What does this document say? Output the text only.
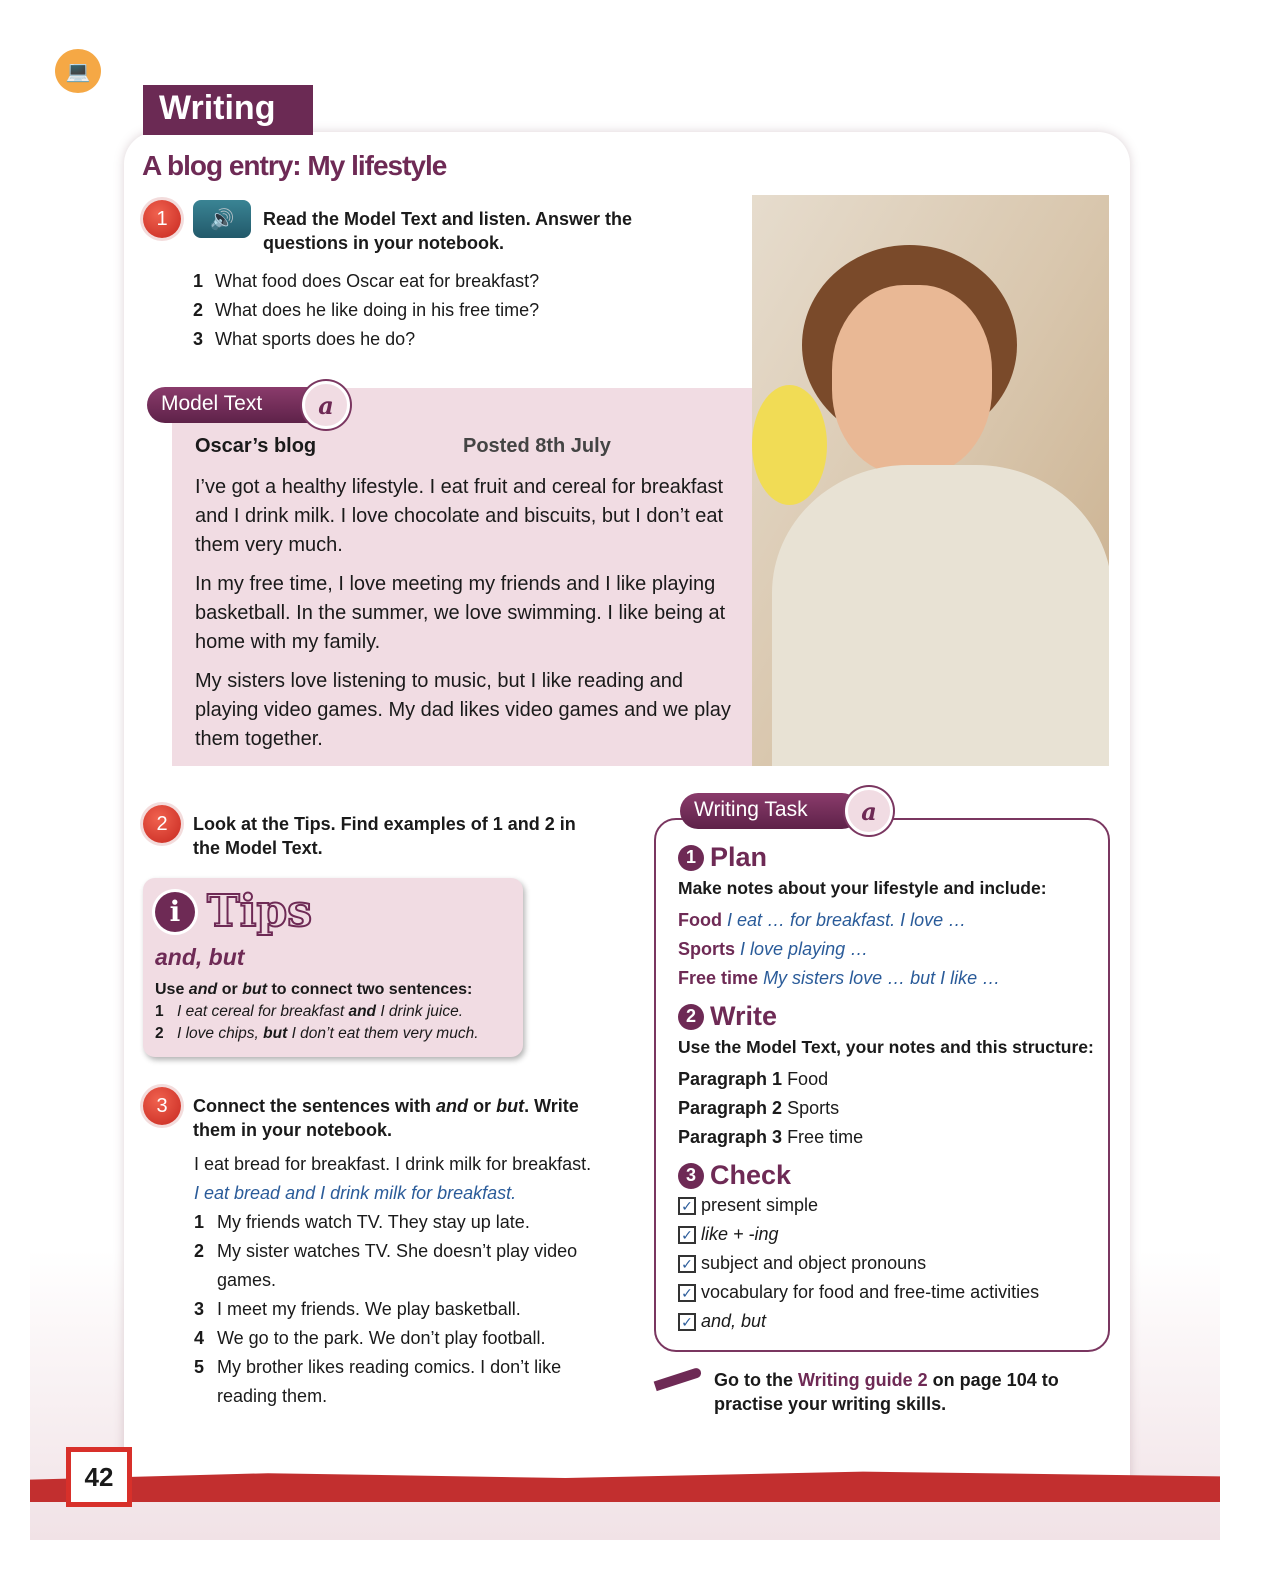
42
💻
Writing
A blog entry: My lifestyle
1	🔊	Read the Model Text and listen. Answer the questions in your notebook.
1 What food does Oscar eat for breakfast?
2 What does he like doing in his free time?
3 What sports does he do?
Model Text	a
Oscar’s blog	Posted 8th July

I’ve got a healthy lifestyle. I eat fruit and cereal for breakfast and I drink milk. I love chocolate and biscuits, but I don’t eat them very much.

In my free time, I love meeting my friends and I like playing basketball. In the summer, we love swimming. I like being at home with my family.

My sisters love listening to music, but I like reading and playing video games. My dad likes video games and we play them together.

2	Look at the Tips. Find examples of 1 and 2 in the Model Text.
i Tips
and, but
Use and or but to connect two sentences:
1 I eat cereal for breakfast and I drink juice.
2 I love chips, but I don’t eat them very much.
3	Connect the sentences with and or but. Write them in your notebook.
I eat bread for breakfast. I drink milk for breakfast.
I eat bread and I drink milk for breakfast.
1 My friends watch TV. They stay up late.
2 My sister watches TV. She doesn’t play video games.
3 I meet my friends. We play basketball.
4 We go to the park. We don’t play football.
5 My brother likes reading comics. I don’t like reading them.
Writing Task	a
1 Plan
Make notes about your lifestyle and include:
Food I eat … for breakfast. I love …
Sports I love playing …
Free time My sisters love … but I like …
2 Write
Use the Model Text, your notes and this structure:
Paragraph 1 Food
Paragraph 2 Sports
Paragraph 3 Free time
3 Check
✓ present simple
✓ like + -ing
✓ subject and object pronouns
✓ vocabulary for food and free-time activities
✓ and, but
Go to the Writing guide 2 on page 104 to practise your writing skills.
